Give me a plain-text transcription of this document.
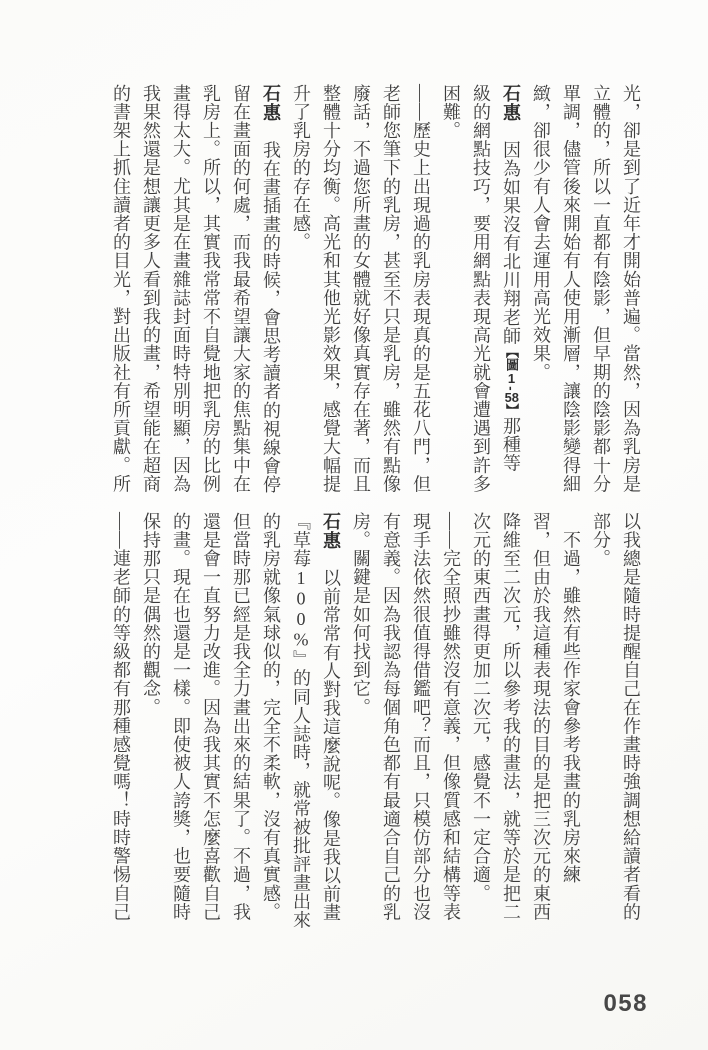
光，卻是到了近年才開始普遍。當然，因為乳房是
立體的，所以一直都有陰影，但早期的陰影都十分
單調，儘管後來開始有人使用漸層，讓陰影變得細
緻，卻很少有人會去運用高光效果。
石惠　因為如果沒有北川翔老師【圖1-58】那種等
級的網點技巧，要用網點表現高光就會遭遇到許多
困難。
——歷史上出現過的乳房表現真的是五花八門，但
老師您筆下的乳房，甚至不只是乳房，雖然有點像
廢話，不過您所畫的女體就好像真實存在著，而且
整體十分均衡。高光和其他光影效果，感覺大幅提
升了乳房的存在感。
石惠　我在畫插畫的時候，會思考讀者的視線會停
留在畫面的何處，而我最希望讓大家的焦點集中在
乳房上。所以，其實我常常不自覺地把乳房的比例
畫得太大。尤其是在畫雜誌封面時特別明顯，因為
我果然還是想讓更多人看到我的畫，希望能在超商
的書架上抓住讀者的目光，對出版社有所貢獻。所
以我總是隨時提醒自己在作畫時強調想給讀者看的
部分。
　不過，雖然有些作家會參考我畫的乳房來練
習，但由於我這種表現法的目的是把三次元的東西
降維至二次元，所以參考我的畫法，就等於是把二
次元的東西畫得更加二次元，感覺不一定合適。
——完全照抄雖然沒有意義，但像質感和結構等表
現手法依然很值得借鑑吧？而且，只模仿部分也沒
有意義。因為我認為每個角色都有最適合自己的乳
房。關鍵是如何找到它。
石惠　以前常常有人對我這麼說呢。像是我以前畫
『草莓100%』的同人誌時，就常被批評畫出來
的乳房就像氣球似的，完全不柔軟，沒有真實感。
但當時那已經是我全力畫出來的結果了。不過，我
還是會一直努力改進。因為我其實不怎麼喜歡自己
的畫。現在也還是一樣。即使被人誇獎，也要隨時
保持那只是偶然的觀念。
——連老師的等級都有那種感覺嗎！時時警惕自己
058
